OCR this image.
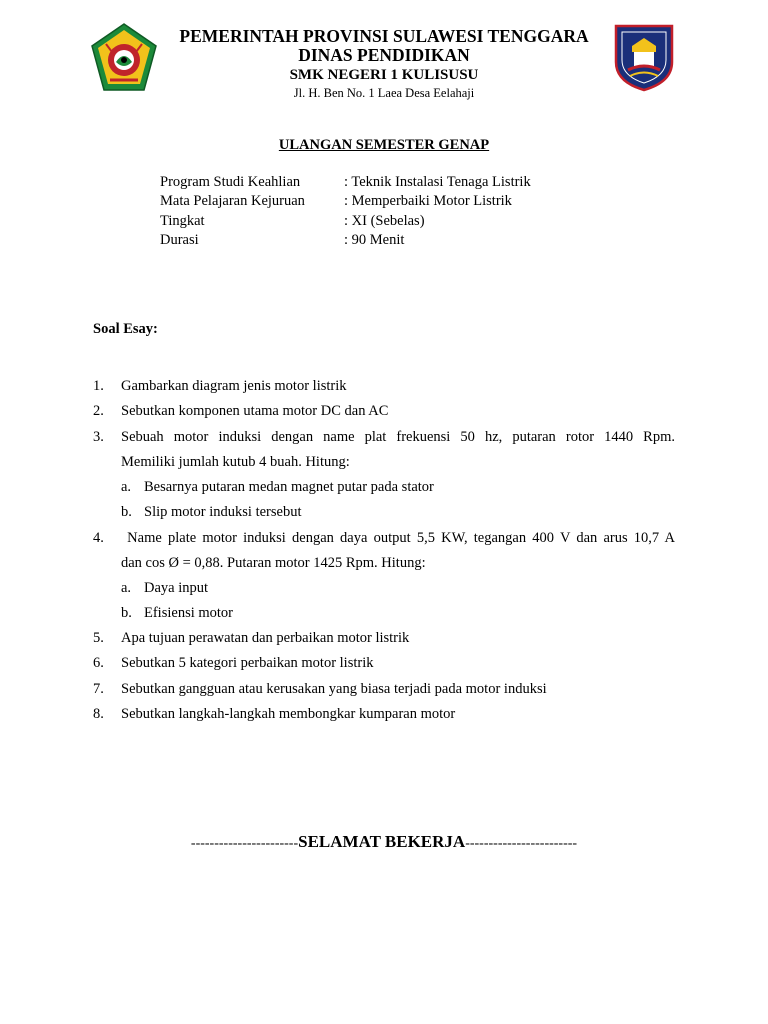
PEMERINTAH PROVINSI SULAWESI TENGGARA
DINAS PENDIDIKAN
SMK NEGERI 1 KULISUSU
Jl. H. Ben No. 1 Laea Desa Eelahaji
ULANGAN SEMESTER GENAP
Program Studi Keahlian	: Teknik Instalasi Tenaga Listrik
Mata Pelajaran Kejuruan	: Memperbaiki Motor Listrik
Tingkat	: XI (Sebelas)
Durasi	: 90 Menit
Soal Esay:
1. Gambarkan diagram jenis motor listrik
2. Sebutkan komponen utama motor DC dan AC
3. Sebuah motor induksi dengan name plat frekuensi 50 hz, putaran rotor 1440 Rpm.
Memiliki jumlah kutub 4 buah. Hitung:
a. Besarnya putaran medan magnet putar pada stator
b. Slip motor induksi tersebut
4. Name plate motor induksi dengan daya output 5,5 KW, tegangan 400 V dan arus 10,7 A
dan cos Ø = 0,88. Putaran motor 1425 Rpm. Hitung:
a. Daya input
b. Efisiensi motor
5. Apa tujuan perawatan dan perbaikan motor listrik
6. Sebutkan 5 kategori perbaikan motor listrik
7. Sebutkan gangguan atau kerusakan yang biasa terjadi pada motor induksi
8. Sebutkan langkah-langkah membongkar kumparan motor
-----------------------SELAMAT BEKERJA------------------------
